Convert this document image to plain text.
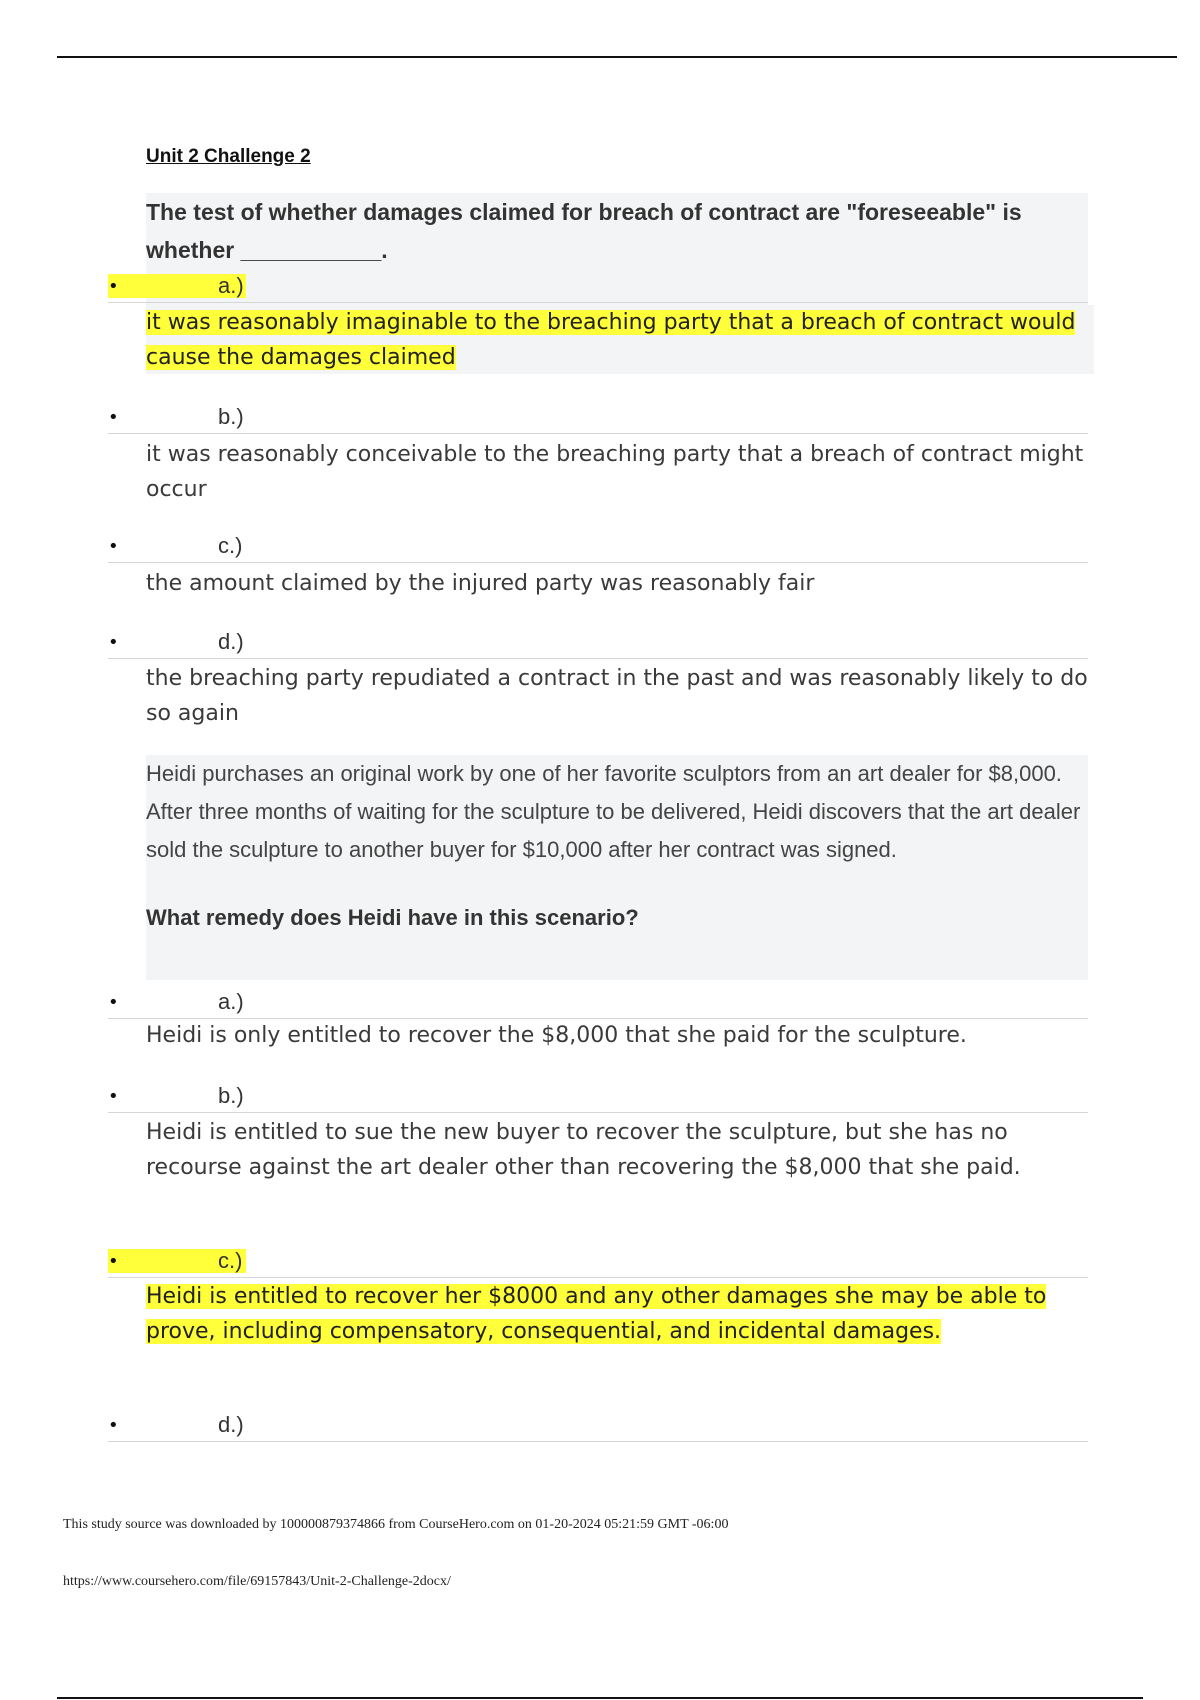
Unit 2 Challenge 2
The test of whether damages claimed for breach of contract are "foreseeable" is whether ___________.
•	a.)
it was reasonably imaginable to the breaching party that a breach of contract would cause the damages claimed
•	b.)
it was reasonably conceivable to the breaching party that a breach of contract might occur
•	c.)
the amount claimed by the injured party was reasonably fair
•	d.)
the breaching party repudiated a contract in the past and was reasonably likely to do so again
Heidi purchases an original work by one of her favorite sculptors from an art dealer for $8,000. After three months of waiting for the sculpture to be delivered, Heidi discovers that the art dealer sold the sculpture to another buyer for $10,000 after her contract was signed.
What remedy does Heidi have in this scenario?
•	a.)
Heidi is only entitled to recover the $8,000 that she paid for the sculpture.
•	b.)
Heidi is entitled to sue the new buyer to recover the sculpture, but she has no recourse against the art dealer other than recovering the $8,000 that she paid.
•	c.)
Heidi is entitled to recover her $8000 and any other damages she may be able to prove, including compensatory, consequential, and incidental damages.
•	d.)
This study source was downloaded by 100000879374866 from CourseHero.com on 01-20-2024 05:21:59 GMT -06:00
https://www.coursehero.com/file/69157843/Unit-2-Challenge-2docx/
